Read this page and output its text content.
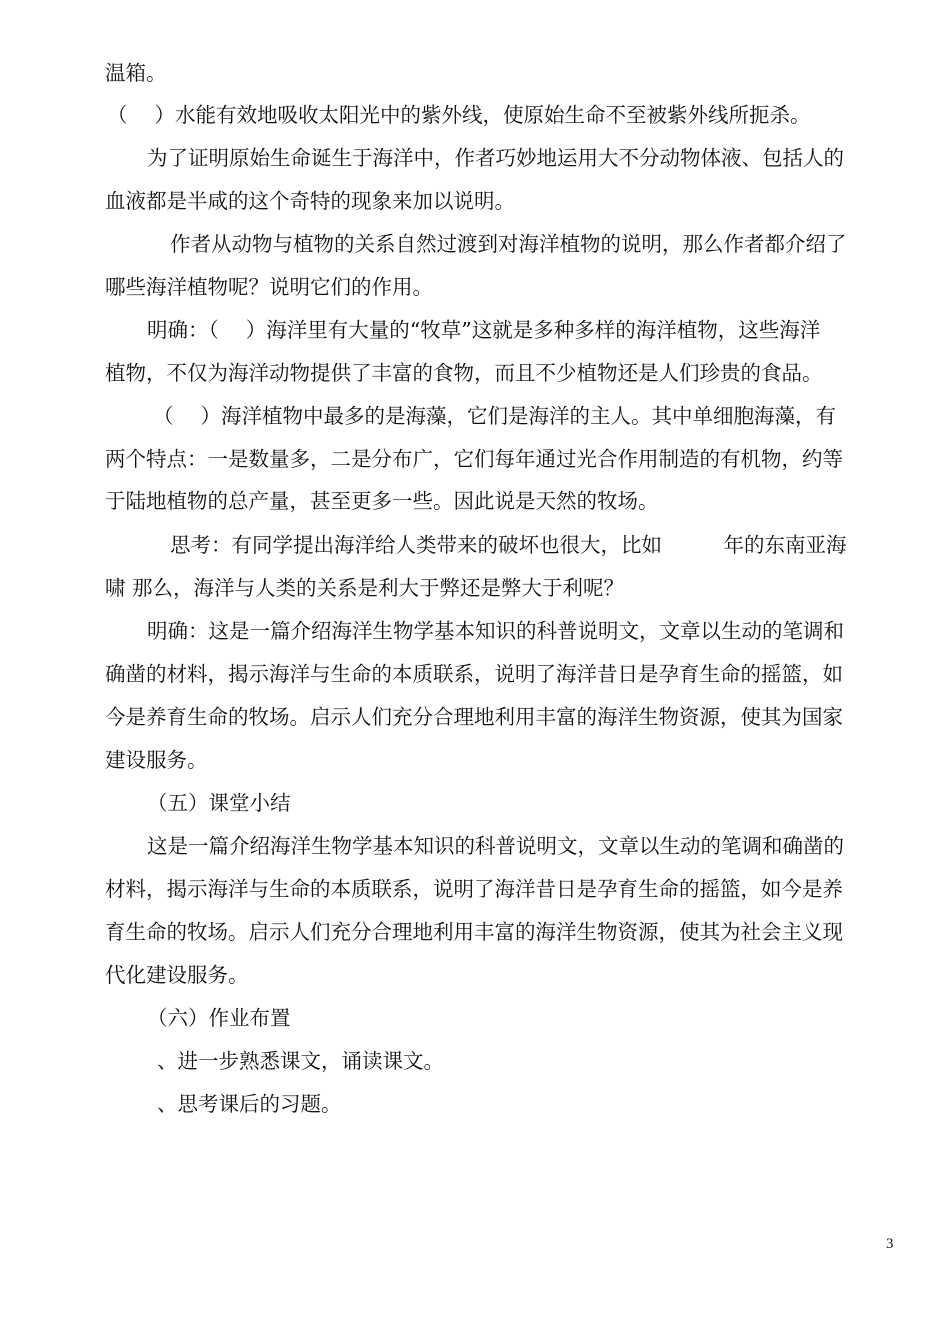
温箱。

（　 ）水能有效地吸收太阳光中的紫外线，使原始生命不至被紫外线所扼杀。

为了证明原始生命诞生于海洋中，作者巧妙地运用大不分动物体液、包括人的

血液都是半咸的这个奇特的现象来加以说明。

作者从动物与植物的关系自然过渡到对海洋植物的说明，那么作者都介绍了

哪些海洋植物呢？说明它们的作用。

明确：（　 ）海洋里有大量的“牧草”这就是多种多样的海洋植物，这些海洋

植物，不仅为海洋动物提供了丰富的食物，而且不少植物还是人们珍贵的食品。

（　 ）海洋植物中最多的是海藻，它们是海洋的主人。其中单细胞海藻，有

两个特点：一是数量多，二是分布广，它们每年通过光合作用制造的有机物，约等

于陆地植物的总产量，甚至更多一些。因此说是天然的牧场。

思考：有同学提出海洋给人类带来的破坏也很大，比如　　　年的东南亚海

啸 那么，海洋与人类的关系是利大于弊还是弊大于利呢？

明确：这是一篇介绍海洋生物学基本知识的科普说明文，文章以生动的笔调和

确凿的材料，揭示海洋与生命的本质联系，说明了海洋昔日是孕育生命的摇篮，如

今是养育生命的牧场。启示人们充分合理地利用丰富的海洋生物资源，使其为国家

建设服务。

（五）课堂小结

这是一篇介绍海洋生物学基本知识的科普说明文，文章以生动的笔调和确凿的

材料，揭示海洋与生命的本质联系，说明了海洋昔日是孕育生命的摇篮，如今是养

育生命的牧场。启示人们充分合理地利用丰富的海洋生物资源，使其为社会主义现

代化建设服务。

（六）作业布置

、进一步熟悉课文，诵读课文。

、思考课后的习题。

3
